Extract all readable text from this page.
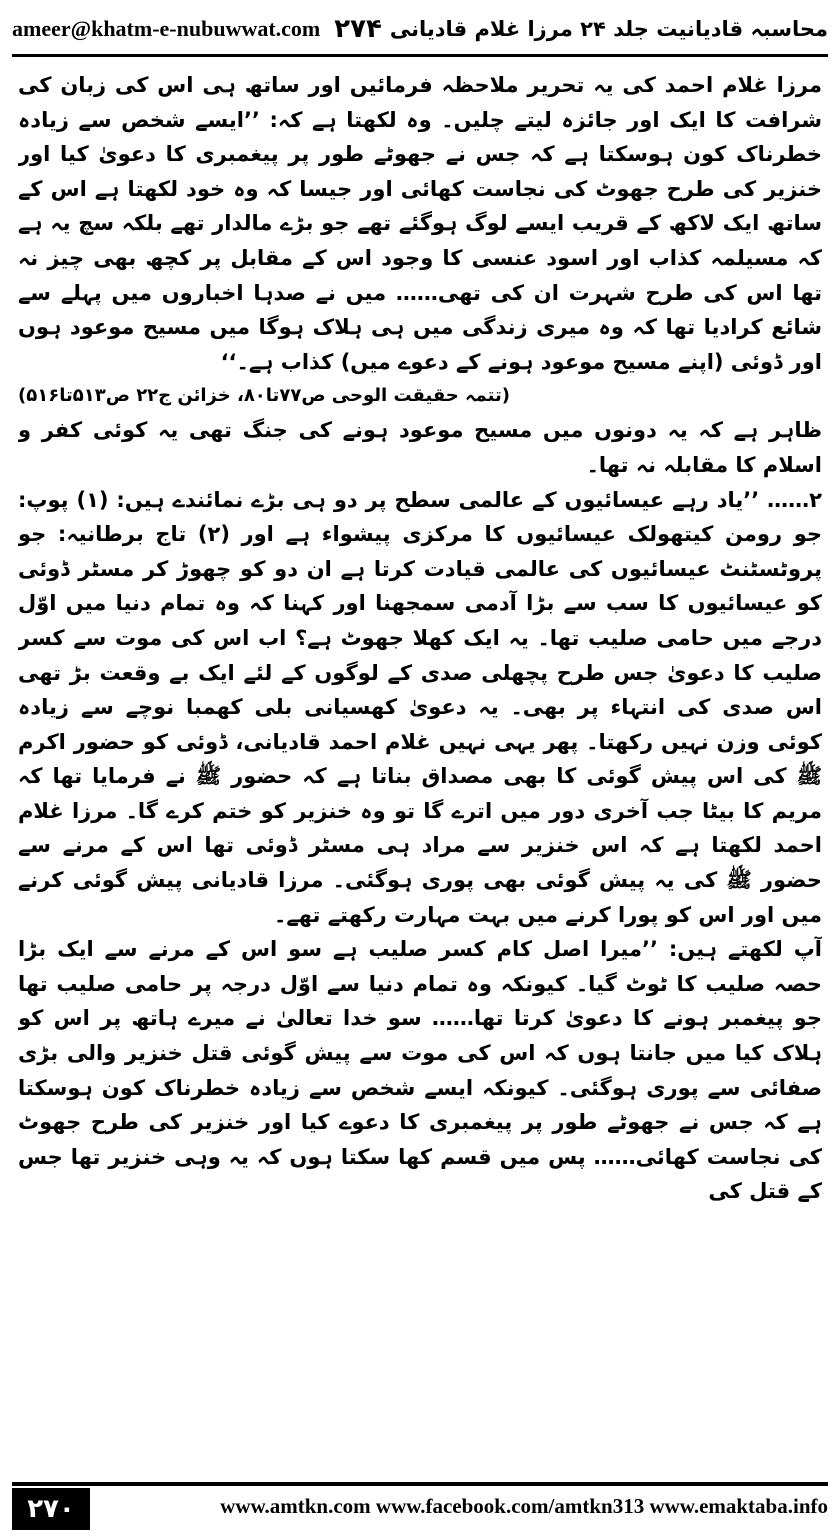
ameer@khatm-e-nubuwwat.com ۲۷۴ محاسبہ قادیانیت جلد ۲۴ مرزا غلام قادیانی

مرزا غلام احمد کی یہ تحریر ملاحظہ فرمائیں اور ساتھ ہی اس کی زبان کی شرافت کا ایک اور جائزہ لیتے چلیں۔ وہ لکھتا ہے کہ: ’’ایسے شخص سے زیادہ خطرناک کون ہوسکتا ہے کہ جس نے جھوٹے طور پر پیغمبری کا دعویٰ کیا اور خنزیر کی طرح جھوٹ کی نجاست کھائی اور جیسا کہ وہ خود لکھتا ہے اس کے ساتھ ایک لاکھ کے قریب ایسے لوگ ہوگئے تھے جو بڑے مالدار تھے بلکہ سچ یہ ہے کہ مسیلمہ کذاب اور اسود عنسی کا وجود اس کے مقابل پر کچھ بھی چیز نہ تھا اس کی طرح شہرت ان کی تھی…… میں نے صدہا اخباروں میں پہلے سے شائع کرادیا تھا کہ وہ میری زندگی میں ہی ہلاک ہوگا میں مسیح موعود ہوں اور ڈوئی (اپنے مسیح موعود ہونے کے دعوے میں) کذاب ہے۔‘‘

(تتمہ حقیقت الوحی ص۷۷تا۸۰، خزائن ج۲۲ ص۵۱۳تا۵۱۶)

ظاہر ہے کہ یہ دونوں میں مسیح موعود ہونے کی جنگ تھی یہ کوئی کفر و اسلام کا مقابلہ نہ تھا۔

۲…… ’’یاد رہے عیسائیوں کے عالمی سطح پر دو ہی بڑے نمائندے ہیں: (۱) پوپ: جو رومن کیتھولک عیسائیوں کا مرکزی پیشواء ہے اور (۲) تاج برطانیہ: جو پروٹسٹنٹ عیسائیوں کی عالمی قیادت کرتا ہے ان دو کو چھوڑ کر مسٹر ڈوئی کو عیسائیوں کا سب سے بڑا آدمی سمجھنا اور کہنا کہ وہ تمام دنیا میں اوّل درجے میں حامی صلیب تھا۔ یہ ایک کھلا جھوٹ ہے؟ اب اس کی موت سے کسر صلیب کا دعویٰ جس طرح پچھلی صدی کے لوگوں کے لئے ایک بے وقعت بڑ تھی اس صدی کی انتہاء پر بھی۔ یہ دعویٰ کھسیانی بلی کھمبا نوچے سے زیادہ کوئی وزن نہیں رکھتا۔ پھر یہی نہیں غلام احمد قادیانی، ڈوئی کو حضور اکرم ﷺ کی اس پیش گوئی کا بھی مصداق بناتا ہے کہ حضور ﷺ نے فرمایا تھا کہ مریم کا بیٹا جب آخری دور میں اترے گا تو وہ خنزیر کو ختم کرے گا۔ مرزا غلام احمد لکھتا ہے کہ اس خنزیر سے مراد ہی مسٹر ڈوئی تھا اس کے مرنے سے حضور ﷺ کی یہ پیش گوئی بھی پوری ہوگئی۔ مرزا قادیانی پیش گوئی کرنے میں اور اس کو پورا کرنے میں بہت مہارت رکھتے تھے۔

آپ لکھتے ہیں: ’’میرا اصل کام کسر صلیب ہے سو اس کے مرنے سے ایک بڑا حصہ صلیب کا ٹوٹ گیا۔ کیونکہ وہ تمام دنیا سے اوّل درجہ پر حامی صلیب تھا جو پیغمبر ہونے کا دعویٰ کرتا تھا…… سو خدا تعالیٰ نے میرے ہاتھ پر اس کو ہلاک کیا میں جانتا ہوں کہ اس کی موت سے پیش گوئی قتل خنزیر والی بڑی صفائی سے پوری ہوگئی۔ کیونکہ ایسے شخص سے زیادہ خطرناک کون ہوسکتا ہے کہ جس نے جھوٹے طور پر پیغمبری کا دعوے کیا اور خنزیر کی طرح جھوٹ کی نجاست کھائی…… پس میں قسم کھا سکتا ہوں کہ یہ وہی خنزیر تھا جس کے قتل کی

۲۷۰	www.amtkn.com www.facebook.com/amtkn313 www.emaktaba.info
